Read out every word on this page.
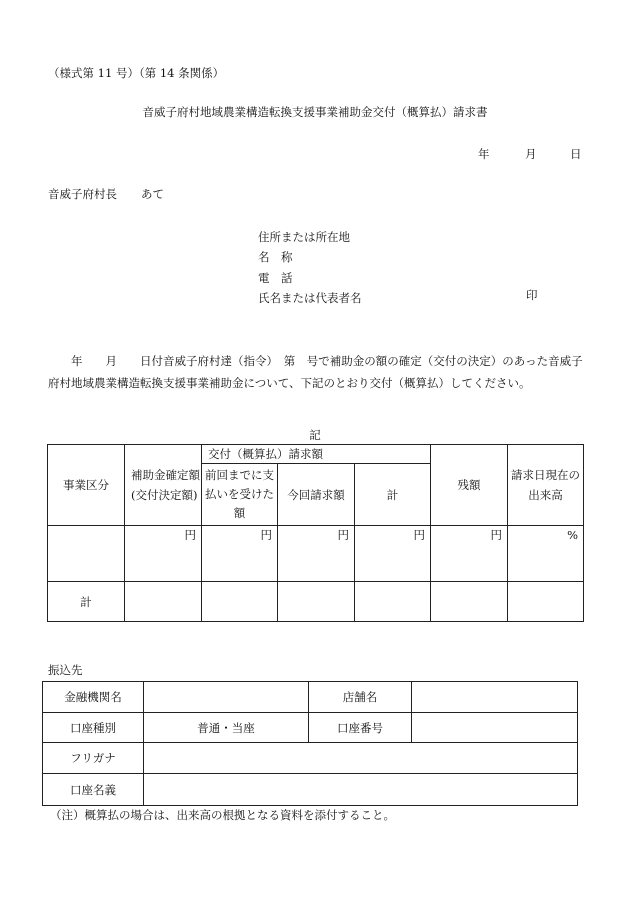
（様式第 11 号）（第 14 条関係）
音威子府村地域農業構造転換支援事業補助金交付（概算払）請求書
年	月	日
音威子府村長 あて
住所または所在地
名　称
電　話
氏名または代表者名	印
　　年　　月　　日付音威子府村達（指令）　第　号で補助金の額の確定（交付の決定）のあった音威子府村地域農業構造転換支援事業補助金について、下記のとおり交付（概算払）してください。
記
事業区分	補助金確定額(交付決定額)	交付（概算払）請求額			残額	請求日現在の出来高
		前回までに支払いを受けた額	今回請求額	計		
	円	円	円	円	円	%
計						
振込先
金融機関名		店舗名	
口座種別	普通・当座	口座番号	
フリガナ			
口座名義			
（注）概算払の場合は、出来高の根拠となる資料を添付すること。
